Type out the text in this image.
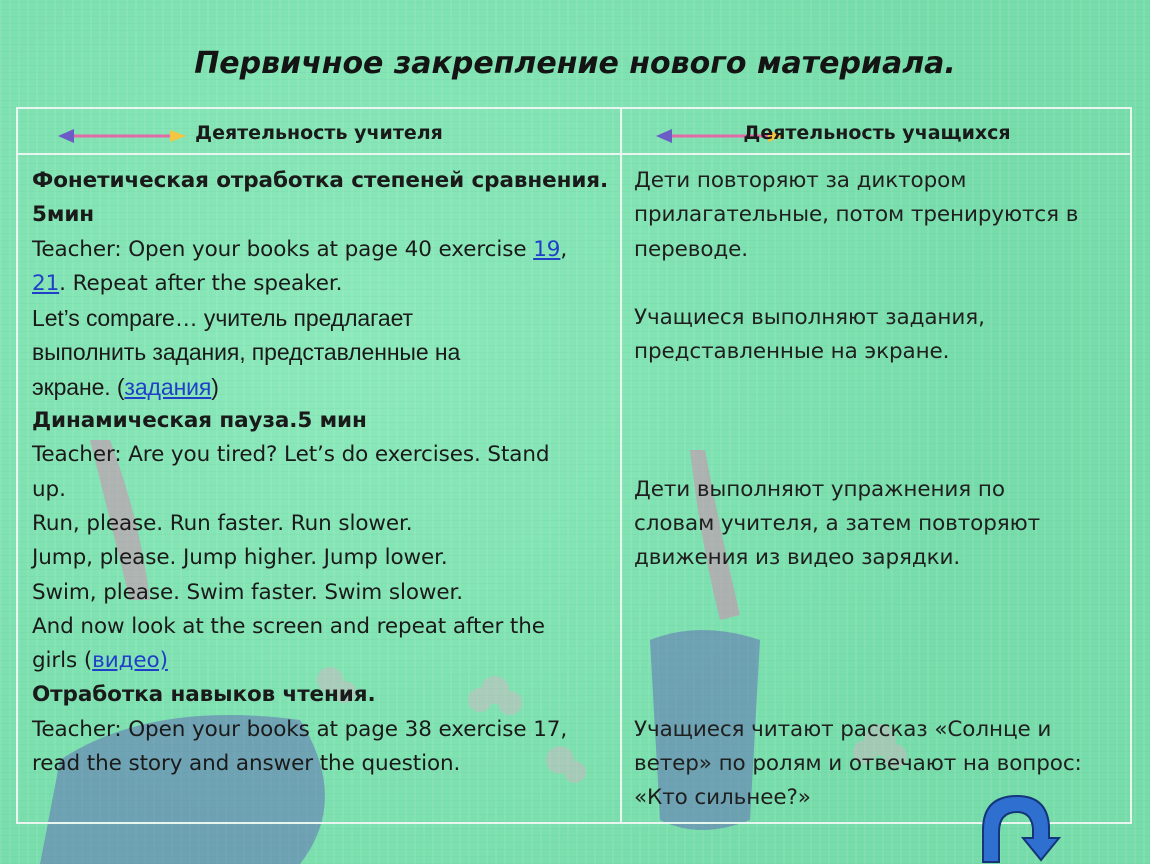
Первичное закрепление нового материала.
Деятельность учителя	Деятельность учащихся
Фонетическая отработка степеней сравнения.
5мин
Teacher: Open your books at page 40 exercise 19,
21. Repeat after the speaker.
Let’s compare… учитель предлагает
выполнить задания, представленные на
экране. (задания)
Динамическая пауза.5 мин
Teacher: Are you tired? Let’s do exercises. Stand
up.
Run, please. Run faster. Run slower.
Jump, please. Jump higher. Jump lower.
Swim, please. Swim faster. Swim slower.
And now look at the screen and repeat after the
girls (видео)
Отработка навыков чтения.
Teacher: Open your books at page 38 exercise 17,
read the story and answer the question.
Дети повторяют за диктором
прилагательные, потом тренируются в
переводе.
Учащиеся выполняют задания,
представленные на экране.
Дети выполняют упражнения по
словам учителя, а затем повторяют
движения из видео зарядки.
Учащиеся читают рассказ «Солнце и
ветер» по ролям и отвечают на вопрос:
«Кто сильнее?»
